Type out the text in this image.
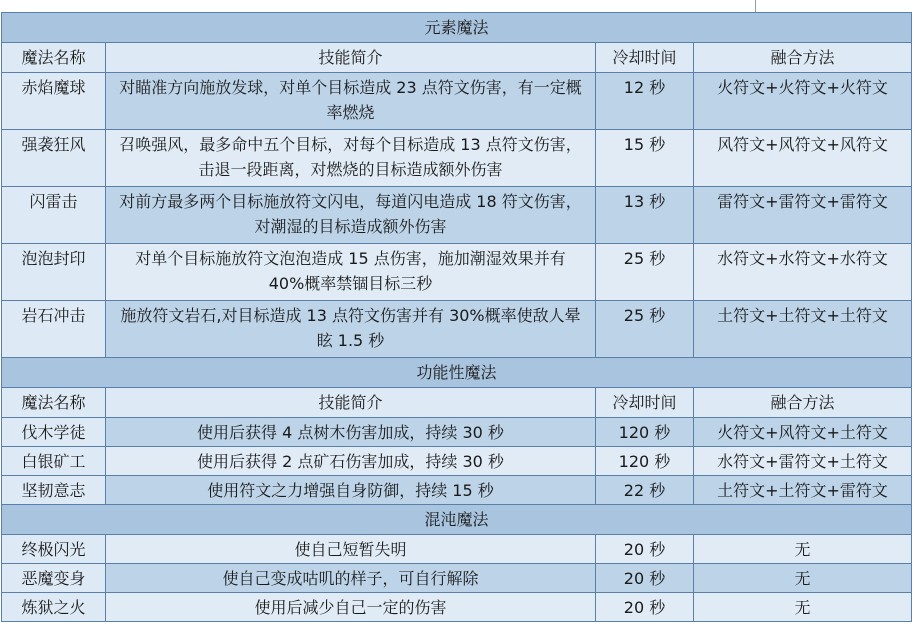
元素魔法			
魔法名称	技能简介	冷却时间	融合方法
赤焰魔球	对瞄准方向施放发球，对单个目标造成 23 点符文伤害，有一定概率燃烧	12 秒	火符文+火符文+火符文
强袭狂风	召唤强风，最多命中五个目标，对每个目标造成 13 点符文伤害，击退一段距离，对燃烧的目标造成额外伤害	15 秒	风符文+风符文+风符文
闪雷击	对前方最多两个目标施放符文闪电，每道闪电造成 18 符文伤害，对潮湿的目标造成额外伤害	13 秒	雷符文+雷符文+雷符文
泡泡封印	对单个目标施放符文泡泡造成 15 点伤害，施加潮湿效果并有 40%概率禁锢目标三秒	25 秒	水符文+水符文+水符文
岩石冲击	施放符文岩石,对目标造成 13 点符文伤害并有 30%概率使敌人晕眩 1.5 秒	25 秒	土符文+土符文+土符文
功能性魔法			
魔法名称	技能简介	冷却时间	融合方法
伐木学徒	使用后获得 4 点树木伤害加成，持续 30 秒	120 秒	火符文+风符文+土符文
白银矿工	使用后获得 2 点矿石伤害加成，持续 30 秒	120 秒	水符文+雷符文+土符文
坚韧意志	使用符文之力增强自身防御，持续 15 秒	22 秒	土符文+土符文+雷符文
混沌魔法			
终极闪光	使自己短暂失明	20 秒	无
恶魔变身	使自己变成咕叽的样子，可自行解除	20 秒	无
炼狱之火	使用后减少自己一定的伤害	20 秒	无
